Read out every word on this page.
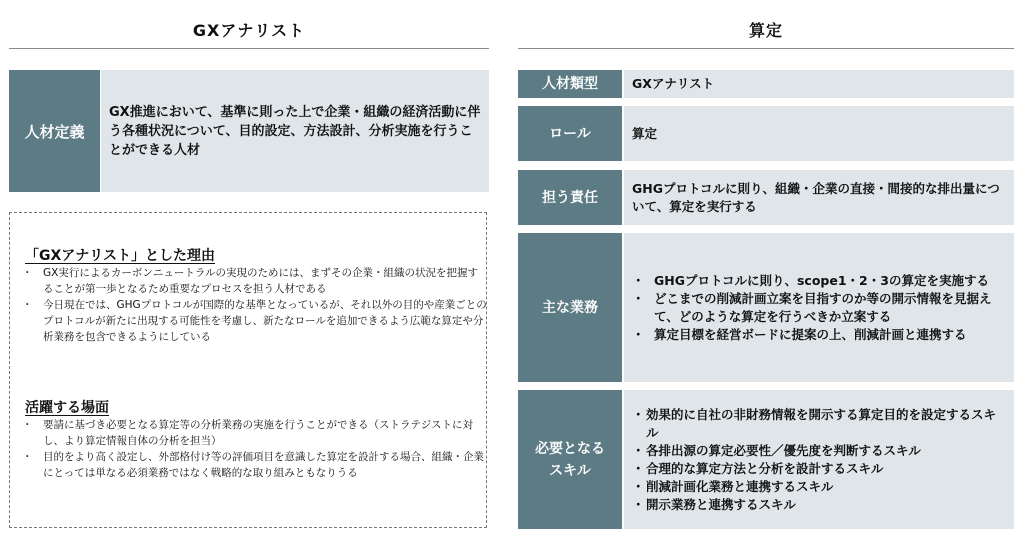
GXアナリスト
人材定義
GX推進において、基準に則った上で企業・組織の経済活動に伴う各種状況について、目的設定、方法設計、分析実施を行うことができる人材
「GXアナリスト」とした理由
・ GX実行によるカーボンニュートラルの実現のためには、まずその企業・組織の状況を把握することが第一歩となるため重要なプロセスを担う人材である
・ 今日現在では、GHGプロトコルが国際的な基準となっているが、それ以外の目的や産業ごとのプロトコルが新たに出現する可能性を考慮し、新たなロールを追加できるよう広範な算定や分析業務を包含できるようにしている
活躍する場面
・ 要請に基づき必要となる算定等の分析業務の実施を行うことができる（ストラテジストに対し、より算定情報自体の分析を担当）
・ 目的をより高く設定し、外部格付け等の評価項目を意識した算定を設計する場合、組織・企業にとっては単なる必須業務ではなく戦略的な取り組みともなりうる
算定
人材類型	GXアナリスト
ロール	算定
担う責任
GHGプロトコルに則り、組織・企業の直接・間接的な排出量について、算定を実行する
主な業務
・ GHGプロトコルに則り、scope1・2・3の算定を実施する
・ どこまでの削減計画立案を目指すのか等の開示情報を見据えて、どのような算定を行うべきか立案する
・ 算定目標を経営ボードに提案の上、削減計画と連携する
必要となるスキル
・ 効果的に自社の非財務情報を開示する算定目的を設定するスキル
・ 各排出源の算定必要性／優先度を判断するスキル
・ 合理的な算定方法と分析を設計するスキル
・ 削減計画化業務と連携するスキル
・ 開示業務と連携するスキル
